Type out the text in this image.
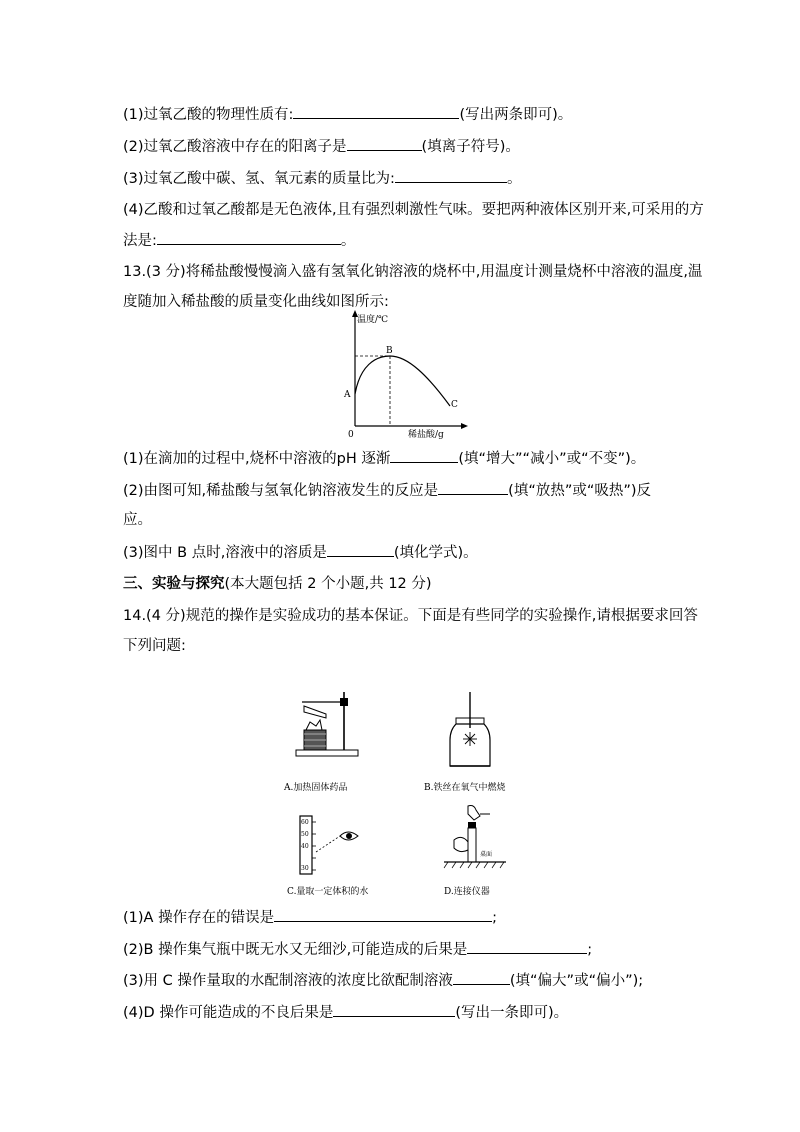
(1)过氧乙酸的物理性质有:	(写出两条即可)。
(2)过氧乙酸溶液中存在的阳离子是	(填离子符号)。
(3)过氧乙酸中碳、氢、氧元素的质量比为:	。
(4)乙酸和过氧乙酸都是无色液体,且有强烈刺激性气味。要把两种液体区别开来,可采用的方
法是:	。
13.(3 分)将稀盐酸慢慢滴入盛有氢氧化钠溶液的烧杯中,用温度计测量烧杯中溶液的温度,温
度随加入稀盐酸的质量变化曲线如图所示:
温度/℃
稀盐酸/g
0
A
B
C
(1)在滴加的过程中,烧杯中溶液的pH 逐渐	(填“增大”“减小”或“不变”)。
(2)由图可知,稀盐酸与氢氧化钠溶液发生的反应是	(填“放热”或“吸热”)反
应。
(3)图中 B 点时,溶液中的溶质是	(填化学式)。
三、实验与探究(本大题包括 2 个小题,共 12 分)
14.(4 分)规范的操作是实验成功的基本保证。下面是有些同学的实验操作,请根据要求回答
下列问题:
A.加热固体药品	B.铁丝在氧气中燃烧
60
50
40
30
C.量取一定体积的水
桌面
D.连接仪器
(1)A 操作存在的错误是	;
(2)B 操作集气瓶中既无水又无细沙,可能造成的后果是	;
(3)用 C 操作量取的水配制溶液的浓度比欲配制溶液	(填“偏大”或“偏小”);
(4)D 操作可能造成的不良后果是	(写出一条即可)。
